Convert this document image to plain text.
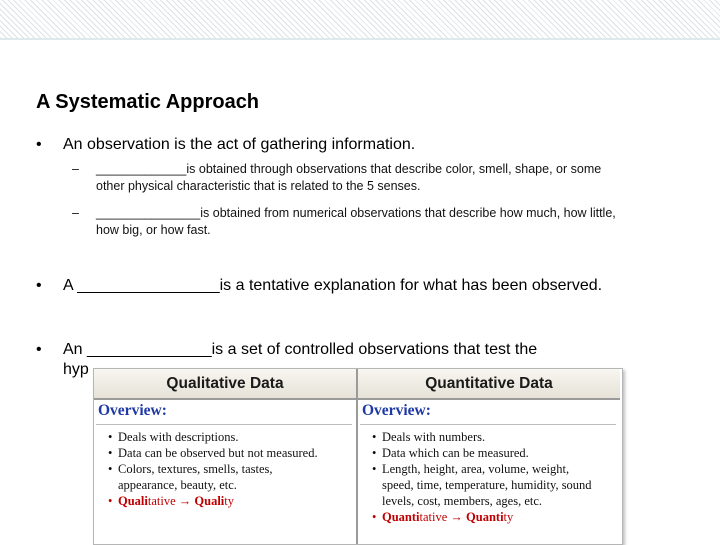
A Systematic Approach
• An observation is the act of gathering information.
– _____________is obtained through observations that describe color, smell, shape, or some
other physical characteristic that is related to the 5 senses.
– _______________is obtained from numerical observations that describe how much, how little,
how big, or how fast.
• A ________________is a tentative explanation for what has been observed.
• An ______________is a set of controlled observations that test the
hyp
Qualitative Data
Overview:
• Deals with descriptions.
• Data can be observed but not measured.
• Colors, textures, smells, tastes,
appearance, beauty, etc.
• Qualitative → Quality
Quantitative Data
Overview:
• Deals with numbers.
• Data which can be measured.
• Length, height, area, volume, weight,
speed, time, temperature, humidity, sound
levels, cost, members, ages, etc.
• Quantitative → Quantity
